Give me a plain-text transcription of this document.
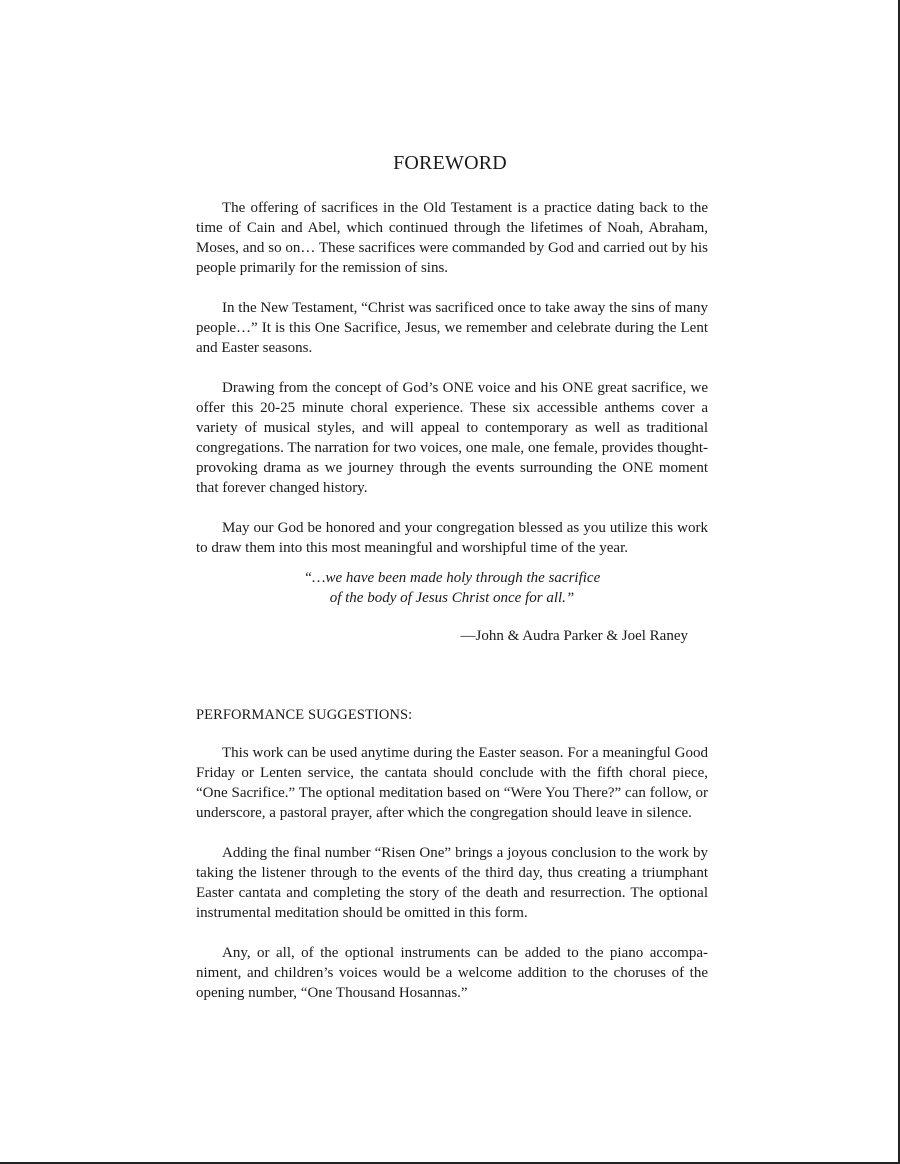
FOREWORD

The offering of sacrifices in the Old Testament is a practice dating back to the time of Cain and Abel, which continued through the lifetimes of Noah, Abraham, Moses, and so on… These sacrifices were commanded by God and carried out by his people primarily for the remission of sins.

In the New Testament, “Christ was sacrificed once to take away the sins of many people…” It is this One Sacrifice, Jesus, we remember and celebrate during the Lent and Easter seasons.

Drawing from the concept of God’s ONE voice and his ONE great sacrifice, we offer this 20-25 minute choral experience. These six accessible anthems cover a variety of musical styles, and will appeal to contemporary as well as traditional congregations. The narration for two voices, one male, one female, provides thought-provoking drama as we journey through the events surrounding the ONE moment that forever changed history.

May our God be honored and your congregation blessed as you utilize this work to draw them into this most meaningful and worshipful time of the year.

“…we have been made holy through the sacrifice
of the body of Jesus Christ once for all.”
—John & Audra Parker & Joel Raney
PERFORMANCE SUGGESTIONS:

This work can be used anytime during the Easter season. For a meaningful Good Friday or Lenten service, the cantata should conclude with the fifth choral piece, “One Sacrifice.” The optional meditation based on “Were You There?” can follow, or underscore, a pastoral prayer, after which the congregation should leave in silence.

Adding the final number “Risen One” brings a joyous conclusion to the work by taking the listener through to the events of the third day, thus creating a triumphant Easter cantata and completing the story of the death and resurrection. The optional instrumental meditation should be omitted in this form.

Any, or all, of the optional instruments can be added to the piano accompaniment, and children’s voices would be a welcome addition to the choruses of the opening number, “One Thousand Hosannas.”
